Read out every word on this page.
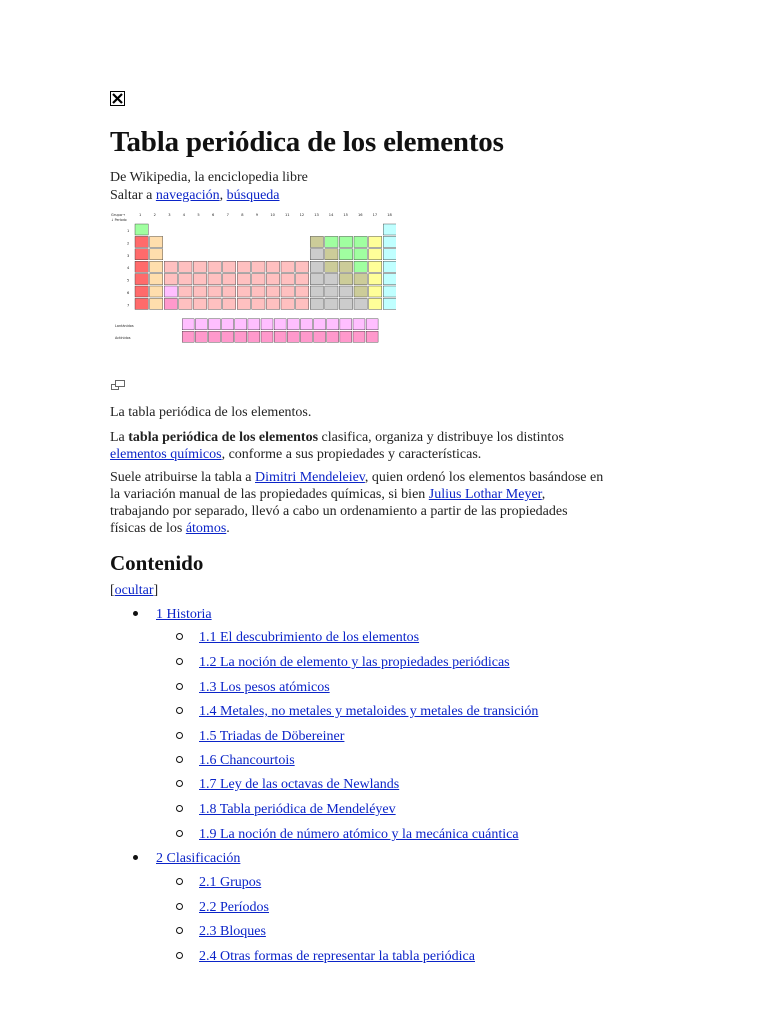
Tabla periódica de los elementos
De Wikipedia, la enciclopedia libre
Saltar a navegación, búsqueda
Grupo→
↓ Período
1	2	3	4	5	6	7	8	9	10	11	12	13	14	15	16	17	18
1
2
3
4
5
6
7
Lantánidos
Actínidos
La tabla periódica de los elementos.
La tabla periódica de los elementos clasifica, organiza y distribuye los distintos
elementos químicos, conforme a sus propiedades y características.
Suele atribuirse la tabla a Dimitri Mendeleiev, quien ordenó los elementos basándose en
la variación manual de las propiedades químicas, si bien Julius Lothar Meyer,
trabajando por separado, llevó a cabo un ordenamiento a partir de las propiedades
físicas de los átomos.
Contenido
[ocultar]
1 Historia
1.1 El descubrimiento de los elementos
1.2 La noción de elemento y las propiedades periódicas
1.3 Los pesos atómicos
1.4 Metales, no metales y metaloides y metales de transición
1.5 Triadas de Döbereiner
1.6 Chancourtois
1.7 Ley de las octavas de Newlands
1.8 Tabla periódica de Mendeléyev
1.9 La noción de número atómico y la mecánica cuántica
2 Clasificación
2.1 Grupos
2.2 Períodos
2.3 Bloques
2.4 Otras formas de representar la tabla periódica
